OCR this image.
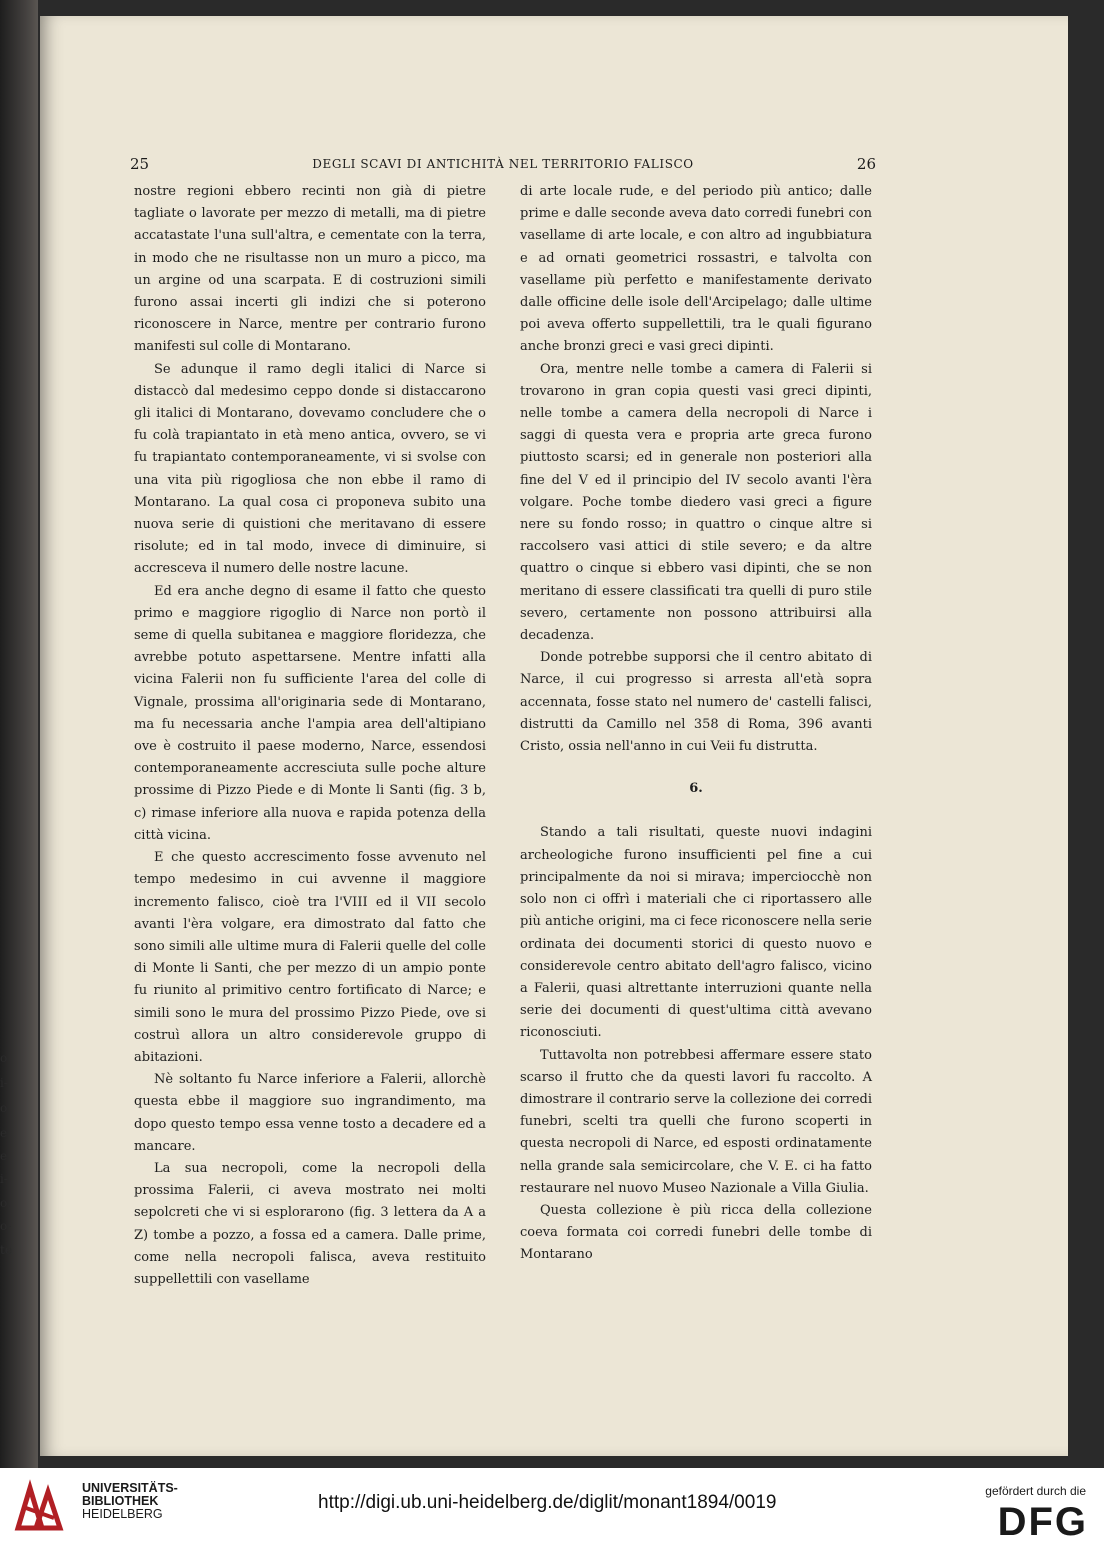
o
i-
o
e
e
i-
o.
o-
te
25	DEGLI SCAVI DI ANTICHITÀ NEL TERRITORIO FALISCO	26

nostre regioni ebbero recinti non già di pietre tagliate o lavorate per mezzo di metalli, ma di pietre accatastate l'una sull'altra, e cementate con la terra, in modo che ne risultasse non un muro a picco, ma un argine od una scarpata. E di costruzioni simili furono assai incerti gli indizi che si poterono riconoscere in Narce, mentre per contrario furono manifesti sul colle di Montarano.

Se adunque il ramo degli italici di Narce si distaccò dal medesimo ceppo donde si distaccarono gli italici di Montarano, dovevamo concludere che o fu colà trapiantato in età meno antica, ovvero, se vi fu trapiantato contemporaneamente, vi si svolse con una vita più rigogliosa che non ebbe il ramo di Montarano. La qual cosa ci proponeva subito una nuova serie di quistioni che meritavano di essere risolute; ed in tal modo, invece di diminuire, si accresceva il numero delle nostre lacune.

Ed era anche degno di esame il fatto che questo primo e maggiore rigoglio di Narce non portò il seme di quella subitanea e maggiore floridezza, che avrebbe potuto aspettarsene. Mentre infatti alla vicina Falerii non fu sufficiente l'area del colle di Vignale, prossima all'originaria sede di Montarano, ma fu necessaria anche l'ampia area dell'altipiano ove è costruito il paese moderno, Narce, essendosi contemporaneamente accresciuta sulle poche alture prossime di Pizzo Piede e di Monte li Santi (fig. 3 b, c) rimase inferiore alla nuova e rapida potenza della città vicina.

E che questo accrescimento fosse avvenuto nel tempo medesimo in cui avvenne il maggiore incremento falisco, cioè tra l'VIII ed il VII secolo avanti l'èra volgare, era dimostrato dal fatto che sono simili alle ultime mura di Falerii quelle del colle di Monte li Santi, che per mezzo di un ampio ponte fu riunito al primitivo centro fortificato di Narce; e simili sono le mura del prossimo Pizzo Piede, ove si costruì allora un altro considerevole gruppo di abitazioni.

Nè soltanto fu Narce inferiore a Falerii, allorchè questa ebbe il maggiore suo ingrandimento, ma dopo questo tempo essa venne tosto a decadere ed a mancare.

La sua necropoli, come la necropoli della prossima Falerii, ci aveva mostrato nei molti sepolcreti che vi si esplorarono (fig. 3 lettera da A a Z) tombe a pozzo, a fossa ed a camera. Dalle prime, come nella necropoli falisca, aveva restituito suppellettili con vasellame

di arte locale rude, e del periodo più antico; dalle prime e dalle seconde aveva dato corredi funebri con vasellame di arte locale, e con altro ad ingubbiatura e ad ornati geometrici rossastri, e talvolta con vasellame più perfetto e manifestamente derivato dalle officine delle isole dell'Arcipelago; dalle ultime poi aveva offerto suppellettili, tra le quali figurano anche bronzi greci e vasi greci dipinti.

Ora, mentre nelle tombe a camera di Falerii si trovarono in gran copia questi vasi greci dipinti, nelle tombe a camera della necropoli di Narce i saggi di questa vera e propria arte greca furono piuttosto scarsi; ed in generale non posteriori alla fine del V ed il principio del IV secolo avanti l'èra volgare. Poche tombe diedero vasi greci a figure nere su fondo rosso; in quattro o cinque altre si raccolsero vasi attici di stile severo; e da altre quattro o cinque si ebbero vasi dipinti, che se non meritano di essere classificati tra quelli di puro stile severo, certamente non possono attribuirsi alla decadenza.

Donde potrebbe supporsi che il centro abitato di Narce, il cui progresso si arresta all'età sopra accennata, fosse stato nel numero de' castelli falisci, distrutti da Camillo nel 358 di Roma, 396 avanti Cristo, ossia nell'anno in cui Veii fu distrutta.

6.

Stando a tali risultati, queste nuovi indagini archeologiche furono insufficienti pel fine a cui principalmente da noi si mirava; imperciocchè non solo non ci offrì i materiali che ci riportassero alle più antiche origini, ma ci fece riconoscere nella serie ordinata dei documenti storici di questo nuovo e considerevole centro abitato dell'agro falisco, vicino a Falerii, quasi altrettante interruzioni quante nella serie dei documenti di quest'ultima città avevano riconosciuti.

Tuttavolta non potrebbesi affermare essere stato scarso il frutto che da questi lavori fu raccolto. A dimostrare il contrario serve la collezione dei corredi funebri, scelti tra quelli che furono scoperti in questa necropoli di Narce, ed esposti ordinatamente nella grande sala semicircolare, che V. E. ci ha fatto restaurare nel nuovo Museo Nazionale a Villa Giulia.

Questa collezione è più ricca della collezione coeva formata coi corredi funebri delle tombe di Montarano

UNIVERSITÄTS-
BIBLIOTHEK
HEIDELBERG
http://digi.ub.uni-heidelberg.de/diglit/monant1894/0019
gefördert durch die
DFG
